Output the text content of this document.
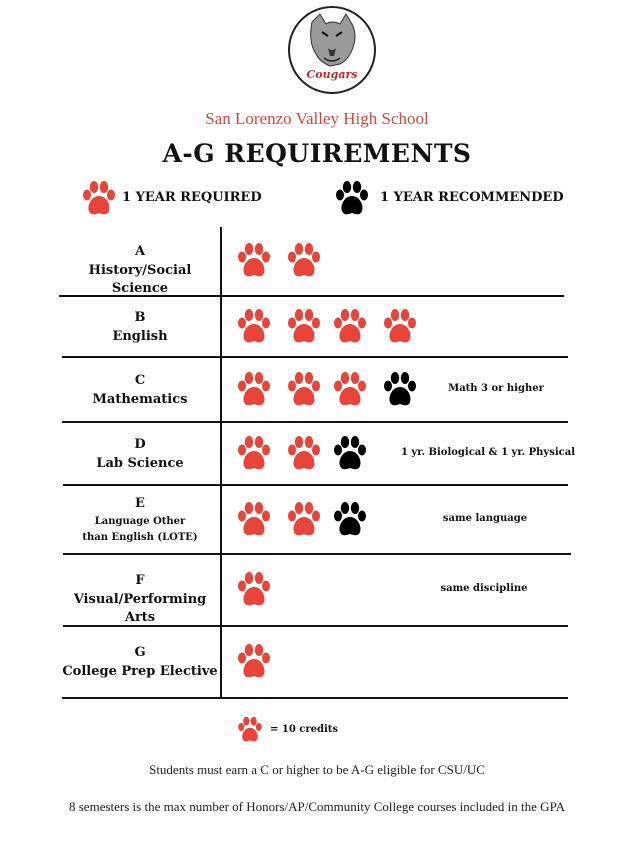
Cougars
San Lorenzo Valley High School
A-G REQUIREMENTS
1 YEAR REQUIRED	1 YEAR RECOMMENDED
A
History/Social Science
B
English
C
Mathematics
Math 3 or higher
D
Lab Science
1 yr. Biological & 1 yr. Physical
E
Language Other
than English (LOTE)
same language
F
Visual/Performing Arts
same discipline
G
College Prep Elective
= 10 credits
Students must earn a C or higher to be A-G eligible for CSU/UC
8 semesters is the max number of Honors/AP/Community College courses included in the GPA
